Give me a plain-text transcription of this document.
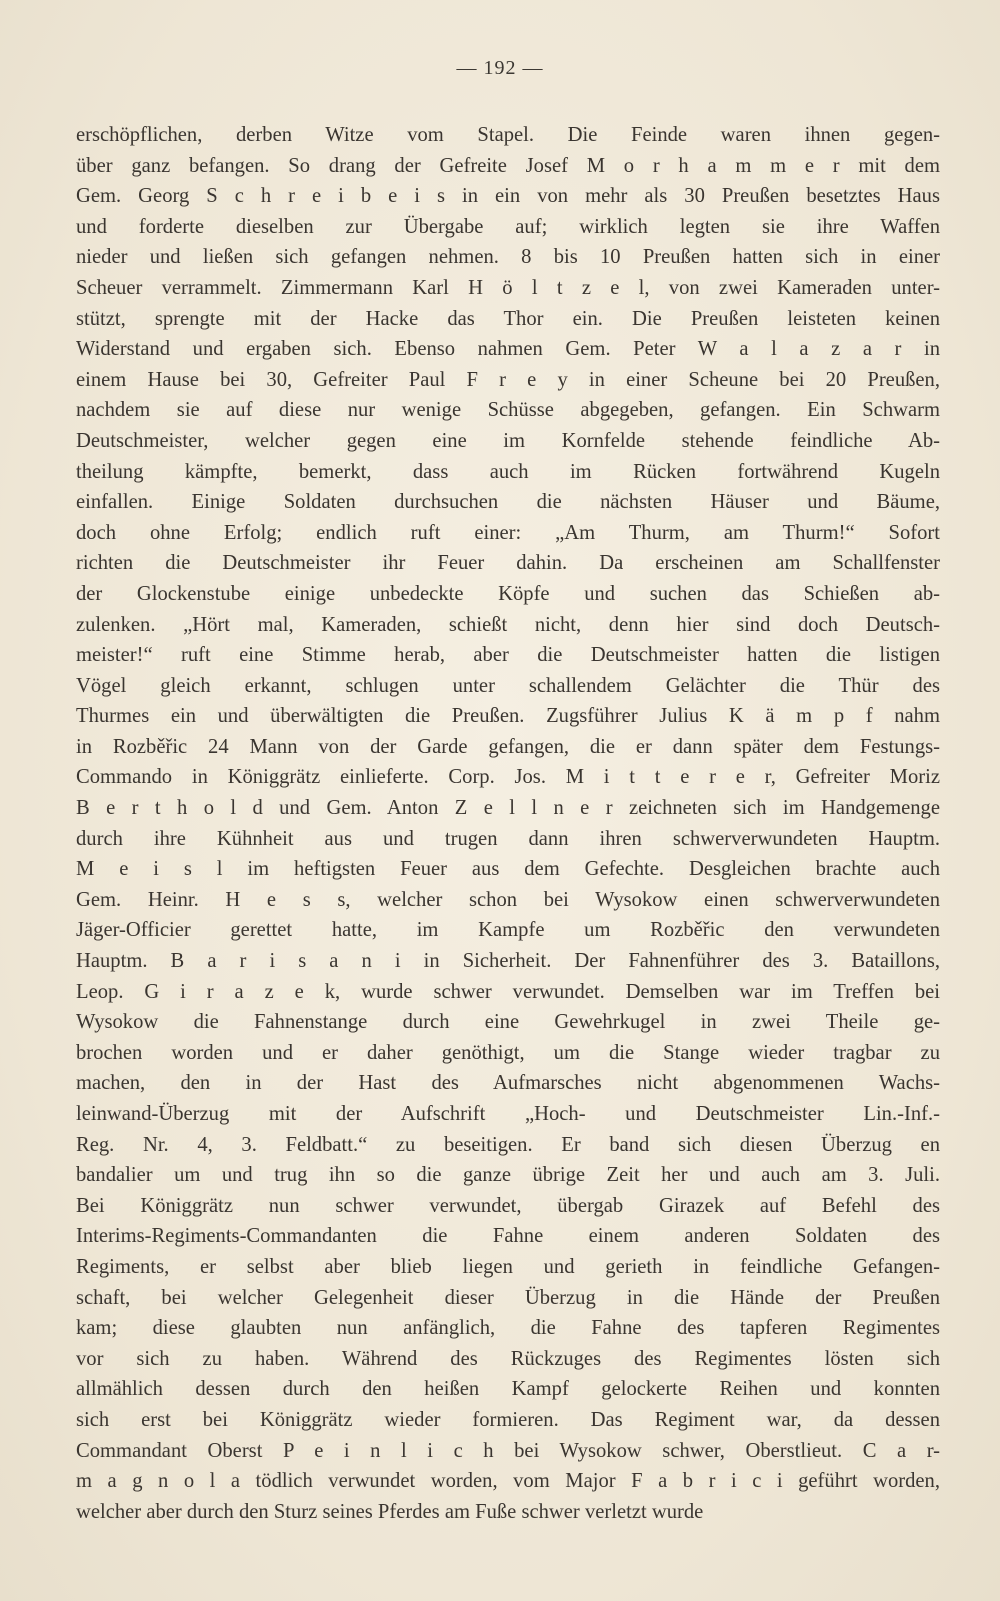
— 192 —
erschöpflichen, derben Witze vom Stapel. Die Feinde waren ihnen gegen-
über ganz befangen. So drang der Gefreite Josef M o r h a m m e r mit dem
Gem. Georg S c h r e i b e i s in ein von mehr als 30 Preußen besetztes Haus
und forderte dieselben zur Übergabe auf; wirklich legten sie ihre Waffen
nieder und ließen sich gefangen nehmen. 8 bis 10 Preußen hatten sich in einer
Scheuer verrammelt. Zimmermann Karl H ö l t z e l, von zwei Kameraden unter-
stützt, sprengte mit der Hacke das Thor ein. Die Preußen leisteten keinen
Widerstand und ergaben sich. Ebenso nahmen Gem. Peter W a l a z a r in
einem Hause bei 30, Gefreiter Paul F r e y in einer Scheune bei 20 Preußen,
nachdem sie auf diese nur wenige Schüsse abgegeben, gefangen. Ein Schwarm
Deutschmeister, welcher gegen eine im Kornfelde stehende feindliche Ab-
theilung kämpfte, bemerkt, dass auch im Rücken fortwährend Kugeln
einfallen. Einige Soldaten durchsuchen die nächsten Häuser und Bäume,
doch ohne Erfolg; endlich ruft einer: „Am Thurm, am Thurm!“ Sofort
richten die Deutschmeister ihr Feuer dahin. Da erscheinen am Schallfenster
der Glockenstube einige unbedeckte Köpfe und suchen das Schießen ab-
zulenken. „Hört mal, Kameraden, schießt nicht, denn hier sind doch Deutsch-
meister!“ ruft eine Stimme herab, aber die Deutschmeister hatten die listigen
Vögel gleich erkannt, schlugen unter schallendem Gelächter die Thür des
Thurmes ein und überwältigten die Preußen. Zugsführer Julius K ä m p f nahm
in Rozběřic 24 Mann von der Garde gefangen, die er dann später dem Festungs-
Commando in Königgrätz einlieferte. Corp. Jos. M i t t e r e r, Gefreiter Moriz
B e r t h o l d und Gem. Anton Z e l l n e r zeichneten sich im Handgemenge
durch ihre Kühnheit aus und trugen dann ihren schwerverwundeten Hauptm.
M e i s l im heftigsten Feuer aus dem Gefechte. Desgleichen brachte auch
Gem. Heinr. H e s s, welcher schon bei Wysokow einen schwerverwundeten
Jäger-Officier gerettet hatte, im Kampfe um Rozběřic den verwundeten
Hauptm. B a r i s a n i in Sicherheit. Der Fahnenführer des 3. Bataillons,
Leop. G i r a z e k, wurde schwer verwundet. Demselben war im Treffen bei
Wysokow die Fahnenstange durch eine Gewehrkugel in zwei Theile ge-
brochen worden und er daher genöthigt, um die Stange wieder tragbar zu
machen, den in der Hast des Aufmarsches nicht abgenommenen Wachs-
leinwand-Überzug mit der Aufschrift „Hoch- und Deutschmeister Lin.-Inf.-
Reg. Nr. 4, 3. Feldbatt.“ zu beseitigen. Er band sich diesen Überzug en
bandalier um und trug ihn so die ganze übrige Zeit her und auch am 3. Juli.
Bei Königgrätz nun schwer verwundet, übergab Girazek auf Befehl des
Interims-Regiments-Commandanten die Fahne einem anderen Soldaten des
Regiments, er selbst aber blieb liegen und gerieth in feindliche Gefangen-
schaft, bei welcher Gelegenheit dieser Überzug in die Hände der Preußen
kam; diese glaubten nun anfänglich, die Fahne des tapferen Regimentes
vor sich zu haben. Während des Rückzuges des Regimentes lösten sich
allmählich dessen durch den heißen Kampf gelockerte Reihen und konnten
sich erst bei Königgrätz wieder formieren. Das Regiment war, da dessen
Commandant Oberst P e i n l i c h bei Wysokow schwer, Oberstlieut. C a r-
m a g n o l a tödlich verwundet worden, vom Major F a b r i c i geführt worden,
welcher aber durch den Sturz seines Pferdes am Fuße schwer verletzt wurde
